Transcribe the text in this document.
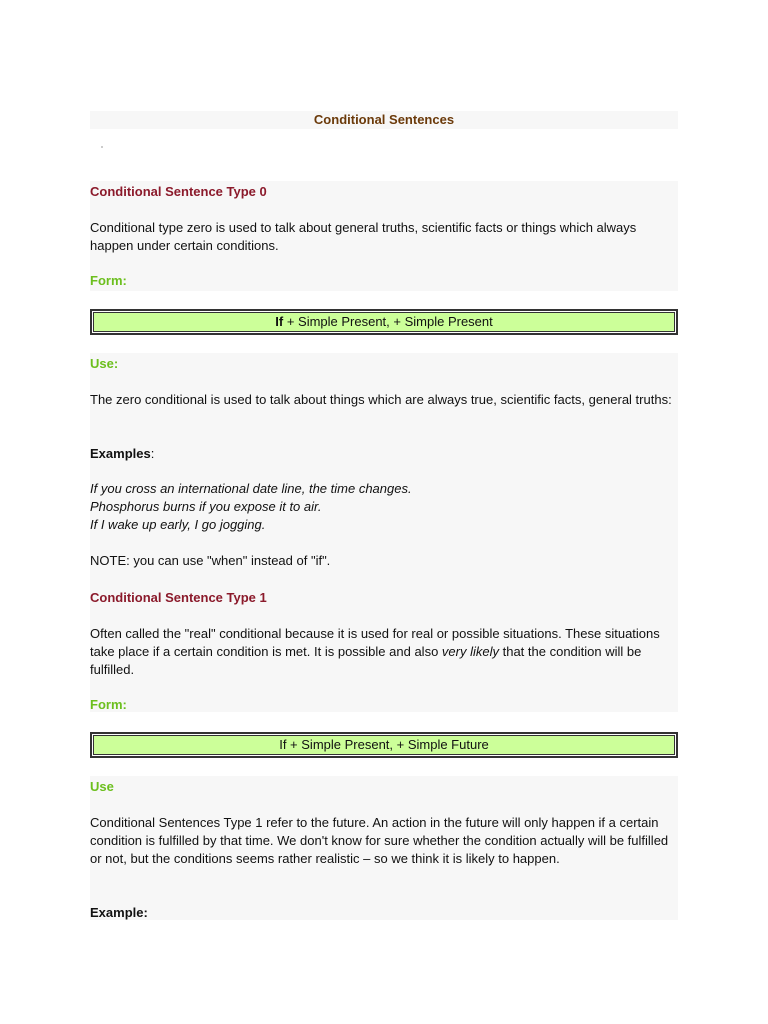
Conditional Sentences
Conditional Sentence Type 0
Conditional type zero is used to talk about general truths, scientific facts or things which always happen under certain conditions.
Form:
If + Simple Present, + Simple Present
Use:
The zero conditional is used to talk about things which are always true, scientific facts, general truths:
Examples:
If you cross an international date line, the time changes.
Phosphorus burns if you expose it to air.
If I wake up early, I go jogging.
NOTE: you can use "when" instead of "if".
Conditional Sentence Type 1
Often called the "real" conditional because it is used for real or possible situations. These situations take place if a certain condition is met. It is possible and also very likely that the condition will be fulfilled.
Form:
If + Simple Present, + Simple Future
Use
Conditional Sentences Type 1 refer to the future. An action in the future will only happen if a certain condition is fulfilled by that time. We don't know for sure whether the condition actually will be fulfilled or not, but the conditions seems rather realistic – so we think it is likely to happen.
Example:
